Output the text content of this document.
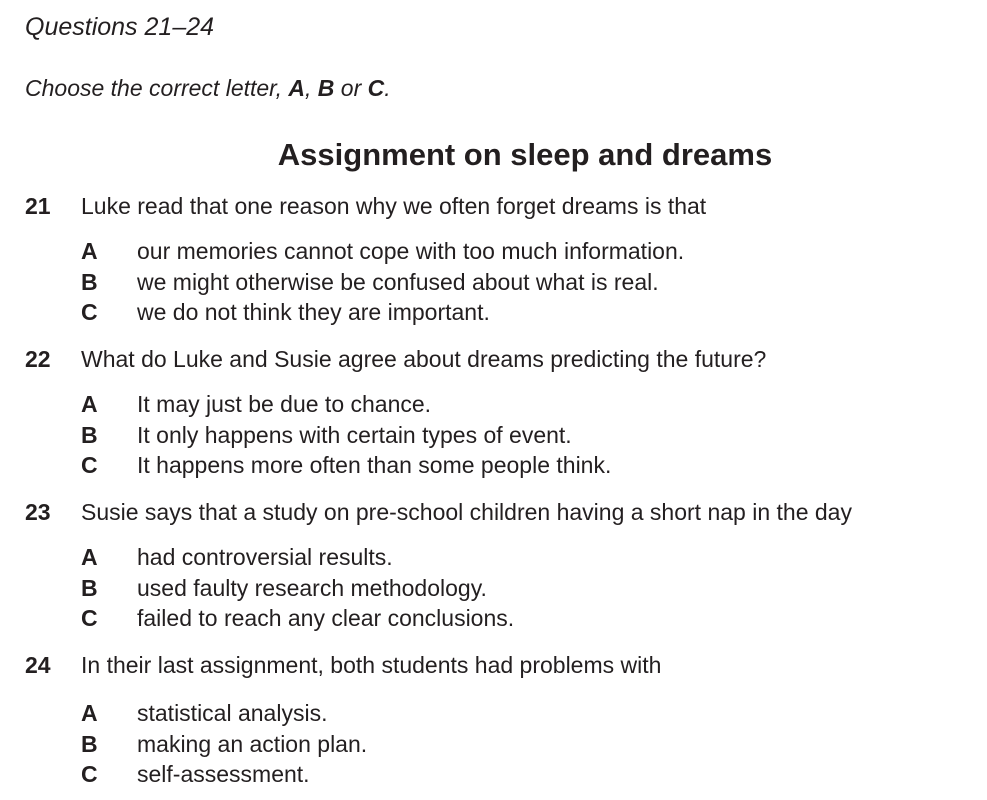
Questions 21–24
Choose the correct letter, A, B or C.
Assignment on sleep and dreams
21 Luke read that one reason why we often forget dreams is that
A our memories cannot cope with too much information.
B we might otherwise be confused about what is real.
C we do not think they are important.
22 What do Luke and Susie agree about dreams predicting the future?
A It may just be due to chance.
B It only happens with certain types of event.
C It happens more often than some people think.
23 Susie says that a study on pre-school children having a short nap in the day
A had controversial results.
B used faulty research methodology.
C failed to reach any clear conclusions.
24 In their last assignment, both students had problems with
A statistical analysis.
B making an action plan.
C self-assessment.
